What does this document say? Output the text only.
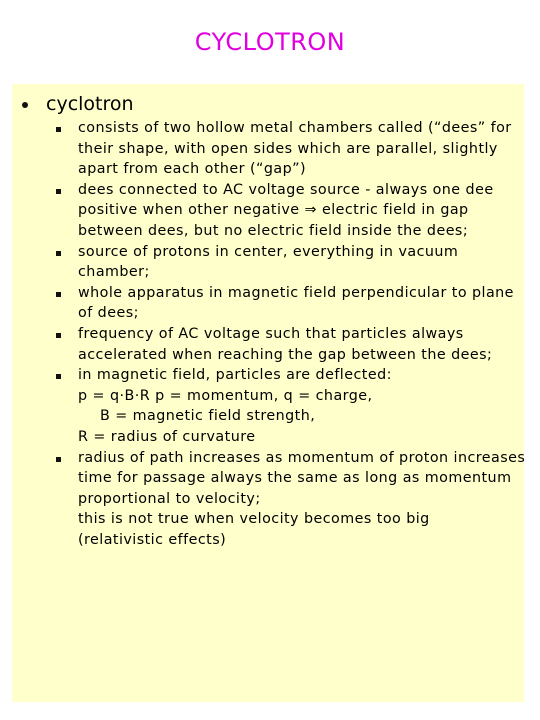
CYCLOTRON
cyclotron
consists of two hollow metal chambers called (“dees” for
their shape, with open sides which are parallel, slightly
apart from each other (“gap”)
dees connected to AC voltage source - always one dee
positive when other negative ⇒ electric field in gap
between dees, but no electric field inside the dees;
source of protons in center, everything in vacuum
chamber;
whole apparatus in magnetic field perpendicular to plane
of dees;
frequency of AC voltage such that particles always
accelerated when reaching the gap between the dees;
in magnetic field, particles are deflected:
p = q·B·R p = momentum, q = charge,
B = magnetic field strength,
R = radius of curvature
radius of path increases as momentum of proton increases
time for passage always the same as long as momentum
proportional to velocity;
this is not true when velocity becomes too big
(relativistic effects)
